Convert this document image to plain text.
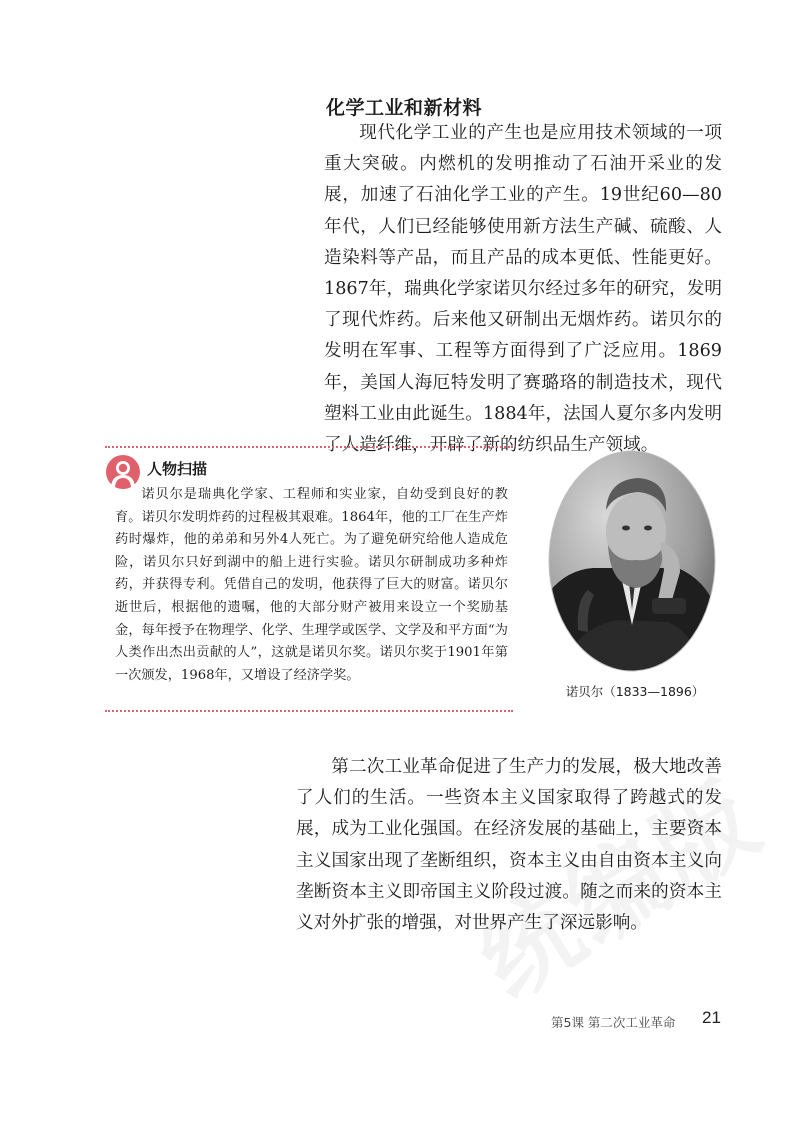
化学工业和新材料

现代化学工业的产生也是应用技术领域的一项重大突破。内燃机的发明推动了石油开采业的发展，加速了石油化学工业的产生。19世纪60—80年代，人们已经能够使用新方法生产碱、硫酸、人造染料等产品，而且产品的成本更低、性能更好。1867年，瑞典化学家诺贝尔经过多年的研究，发明了现代炸药。后来他又研制出无烟炸药。诺贝尔的发明在军事、工程等方面得到了广泛应用。1869年，美国人海厄特发明了赛璐珞的制造技术，现代塑料工业由此诞生。1884年，法国人夏尔多内发明了人造纤维，开辟了新的纺织品生产领域。

人物扫描

诺贝尔是瑞典化学家、工程师和实业家，自幼受到良好的教育。诺贝尔发明炸药的过程极其艰难。1864年，他的工厂在生产炸药时爆炸，他的弟弟和另外4人死亡。为了避免研究给他人造成危险，诺贝尔只好到湖中的船上进行实验。诺贝尔研制成功多种炸药，并获得专利。凭借自己的发明，他获得了巨大的财富。诺贝尔逝世后，根据他的遗嘱，他的大部分财产被用来设立一个奖励基金，每年授予在物理学、化学、生理学或医学、文学及和平方面“为人类作出杰出贡献的人”，这就是诺贝尔奖。诺贝尔奖于1901年第一次颁发，1968年，又增设了经济学奖。

诺贝尔（1833—1896）

第二次工业革命促进了生产力的发展，极大地改善了人们的生活。一些资本主义国家取得了跨越式的发展，成为工业化强国。在经济发展的基础上，主要资本主义国家出现了垄断组织，资本主义由自由资本主义向垄断资本主义即帝国主义阶段过渡。随之而来的资本主义对外扩张的增强，对世界产生了深远影响。

第5课 第二次工业革命 21
